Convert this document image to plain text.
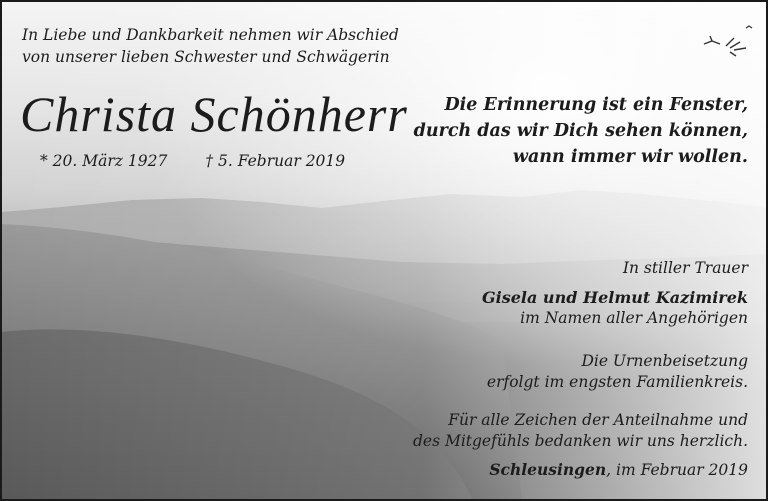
In Liebe und Dankbarkeit nehmen wir Abschied
von unserer lieben Schwester und Schwägerin
Christa Schönherr
* 20. März 1927 † 5. Februar 2019
Die Erinnerung ist ein Fenster,
durch das wir Dich sehen können,
wann immer wir wollen.
In stiller Trauer
Gisela und Helmut Kazimirek
im Namen aller Angehörigen
Die Urnenbeisetzung
erfolgt im engsten Familienkreis.
Für alle Zeichen der Anteilnahme und
des Mitgefühls bedanken wir uns herzlich.
Schleusingen, im Februar 2019
